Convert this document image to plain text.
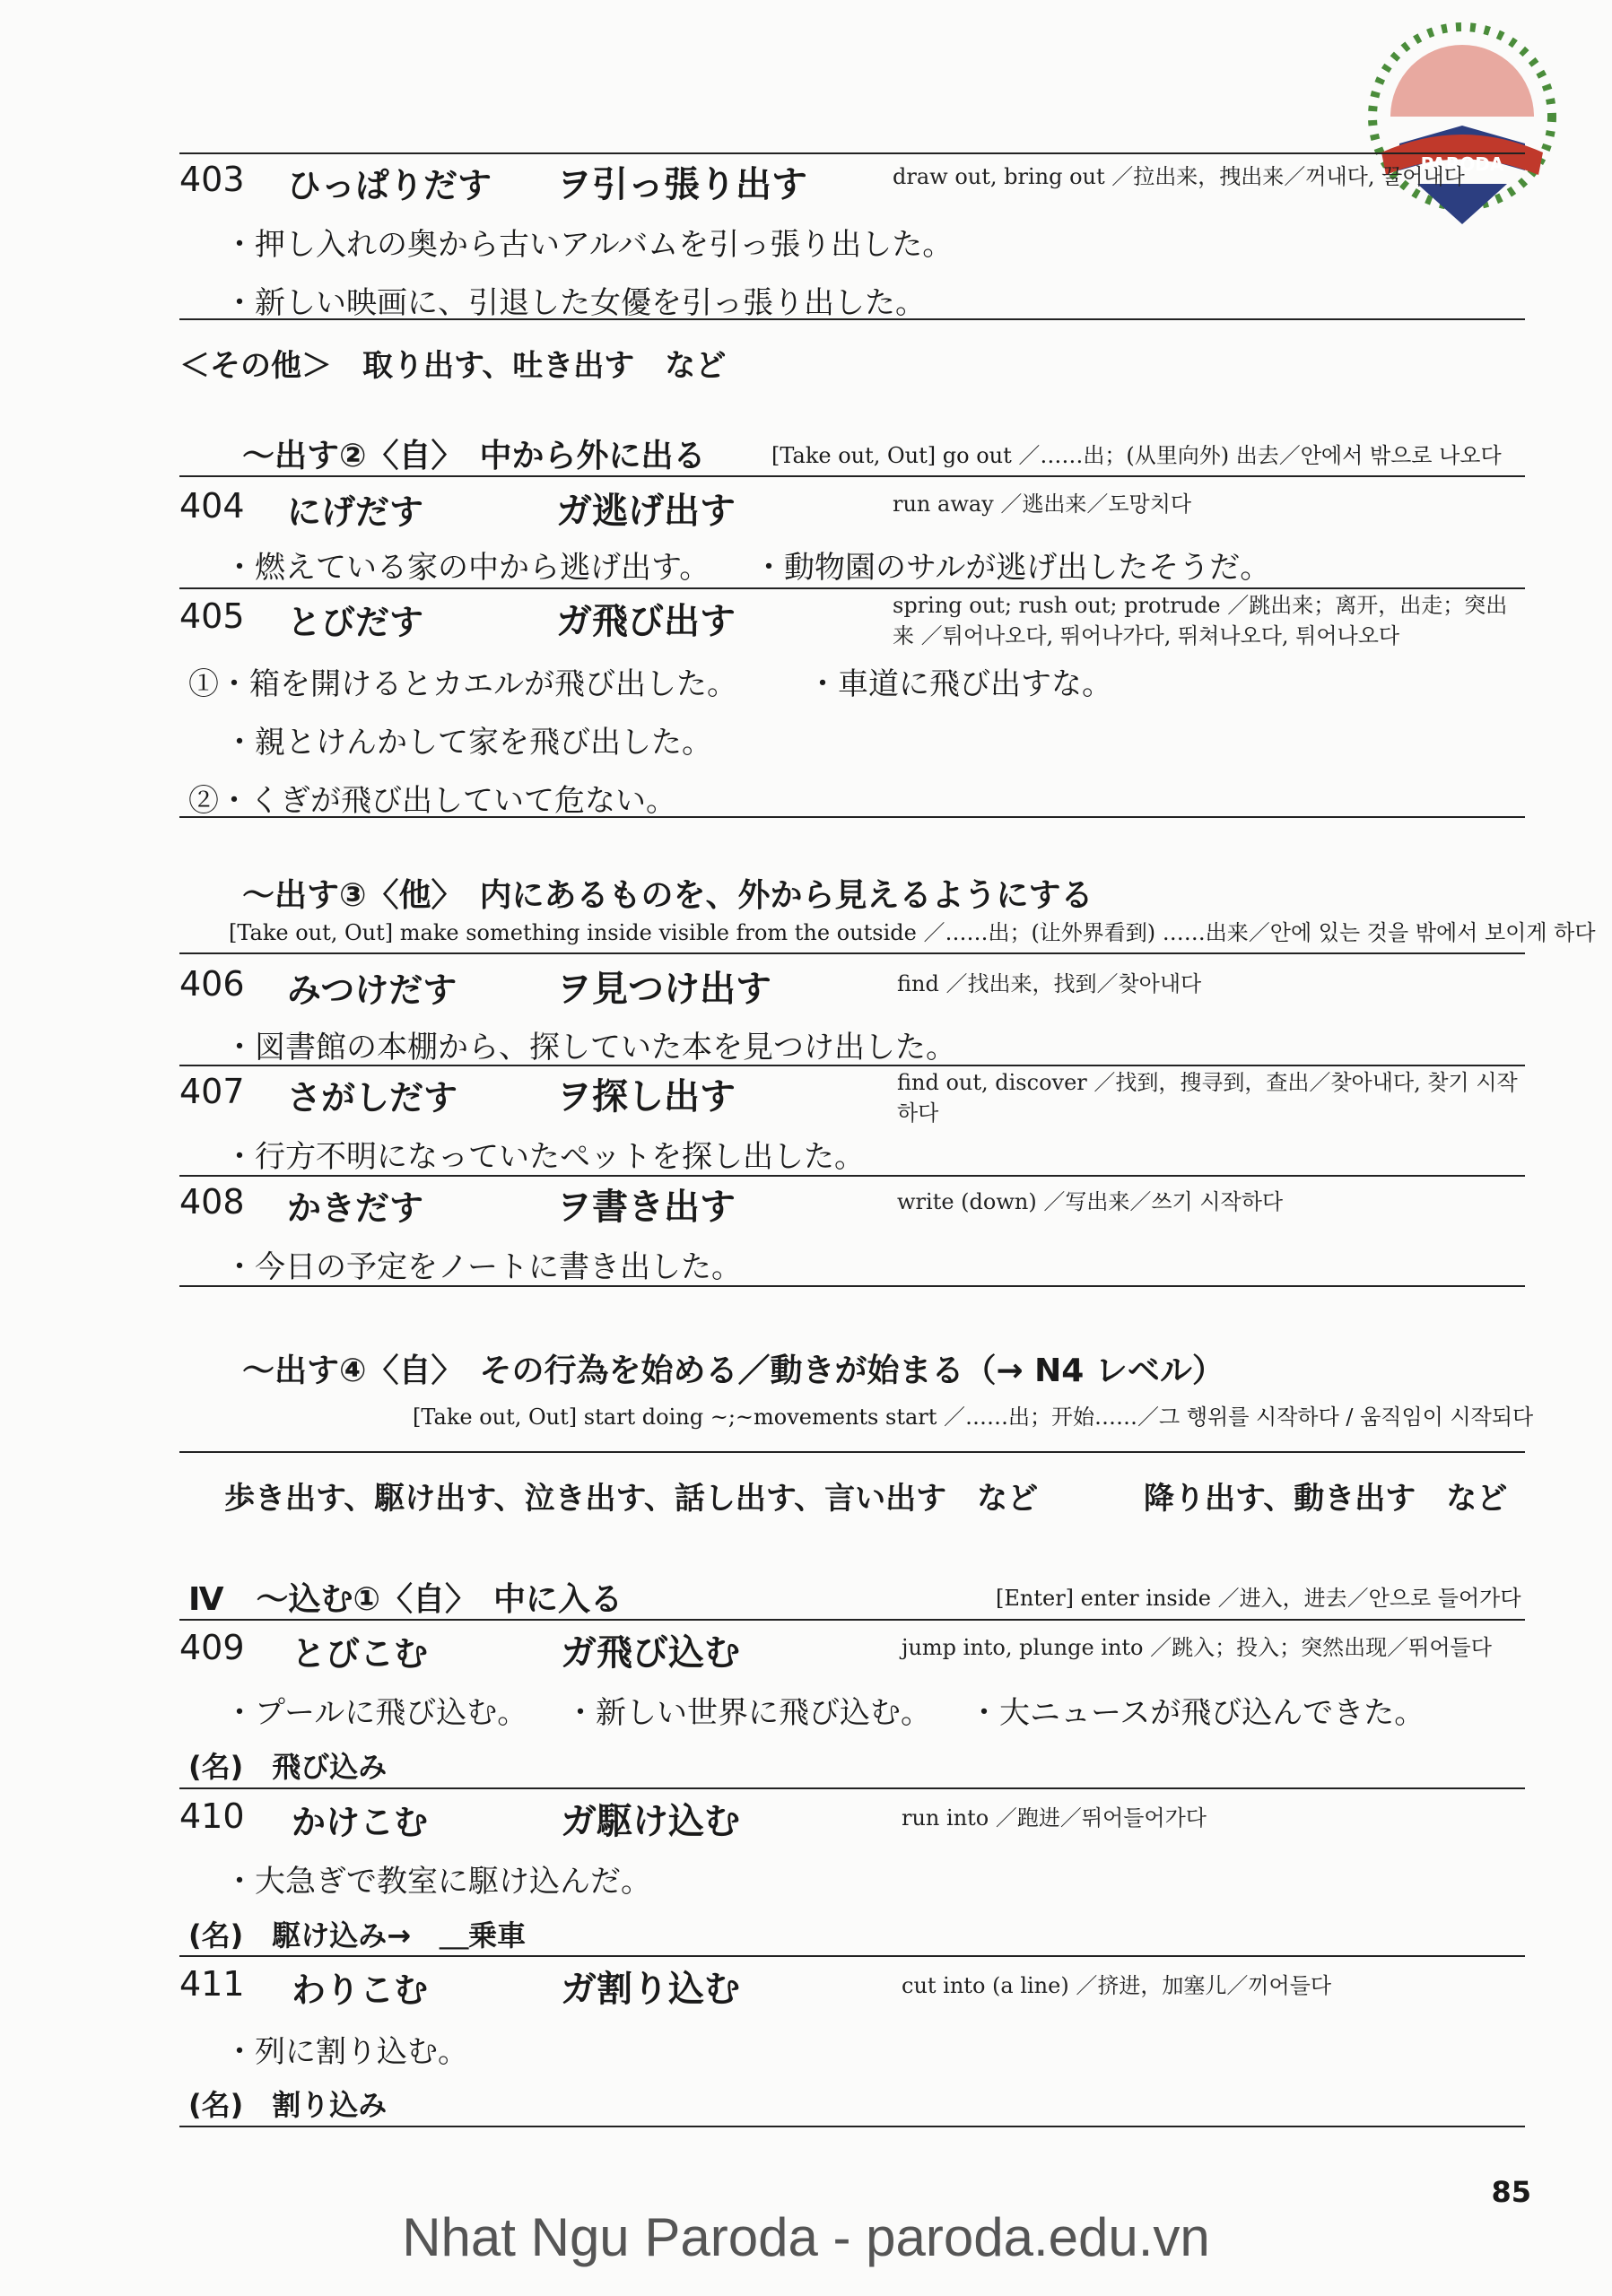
PARODA
403 ひっぱりだす ヲ引っ張り出す	draw out, bring out ／拉出来，拽出来／꺼내다, 끌어내다
・押し入れの奥から古いアルバムを引っ張り出した。
・新しい映画に、引退した女優を引っ張り出した。
＜その他＞　取り出す、吐き出す　など
～出す②〈自〉　中から外に出る	[Take out, Out] go out ／……出；(从里向外) 出去／안에서 밖으로 나오다
404 にげだす	ガ逃げ出す	run away ／逃出来／도망치다
・燃えている家の中から逃げ出す。 ・動物園のサルが逃げ出したそうだ。
405 とびだす	ガ飛び出す	spring out; rush out; protrude ／跳出来；离开，出走；突出来 ／튀어나오다, 뛰어나가다, 뛰쳐나오다, 튀어나오다
①・箱を開けるとカエルが飛び出した。 ・車道に飛び出すな。
・親とけんかして家を飛び出した。
②・くぎが飛び出していて危ない。
～出す③〈他〉　内にあるものを、外から見えるようにする
[Take out, Out] make something inside visible from the outside ／……出；(让外界看到) ……出来／안에 있는 것을 밖에서 보이게 하다
406 みつけだす	ヲ見つけ出す	find ／找出来，找到／찾아내다
・図書館の本棚から、探していた本を見つけ出した。
407 さがしだす	ヲ探し出す	find out, discover ／找到，搜寻到，查出／찾아내다, 찾기 시작하다
・行方不明になっていたペットを探し出した。
408 かきだす	ヲ書き出す	write (down) ／写出来／쓰기 시작하다
・今日の予定をノートに書き出した。
～出す④〈自〉　その行為を始める／動きが始まる（→ N4 レベル）
[Take out, Out] start doing ~;~movements start ／……出；开始……／그 행위를 시작하다 / 움직임이 시작되다
歩き出す、駆け出す、泣き出す、話し出す、言い出す　など	降り出す、動き出す　など
Ⅳ　～込む①〈自〉　中に入る	[Enter] enter inside ／进入，进去／안으로 들어가다
409 とびこむ	ガ飛び込む	jump into, plunge into ／跳入；投入；突然出现／뛰어들다
・プールに飛び込む。 ・新しい世界に飛び込む。 ・大ニュースが飛び込んできた。
(名)　飛び込み
410 かけこむ	ガ駆け込む	run into ／跑进／뛰어들어가다
・大急ぎで教室に駆け込んだ。
(名)　駆け込み→　＿乗車
411 わりこむ	ガ割り込む	cut into (a line) ／挤进，加塞儿／끼어들다
・列に割り込む。
(名)　割り込み
85
Nhat Ngu Paroda - paroda.edu.vn
